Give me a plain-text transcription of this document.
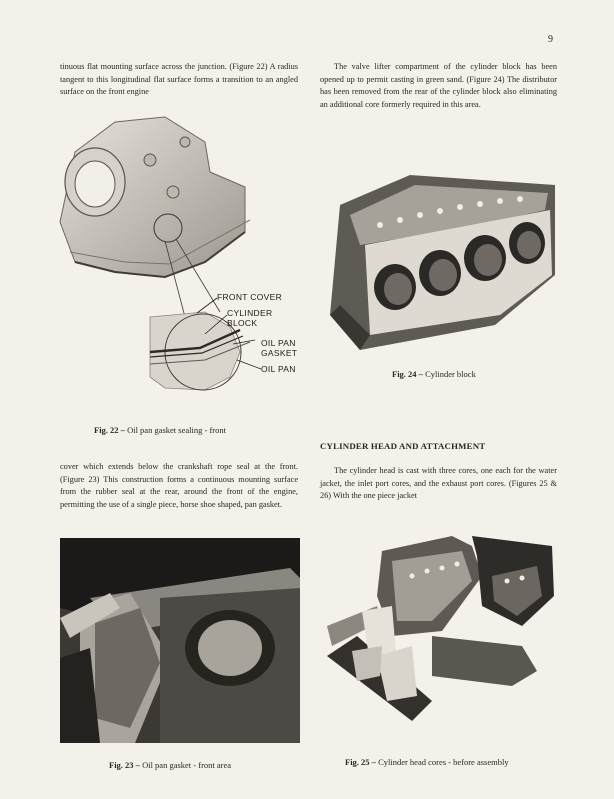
9

tinuous flat mounting surface across the junction. (Figure 22) A radius tangent to this longitudinal flat surface forms a transition to an angled surface on the front engine

The valve lifter compartment of the cylinder block has been opened up to permit casting in green sand. (Figure 24) The distributor has been removed from the rear of the cylinder block also eliminating an additional core formerly required in this area.

FRONT COVER
CYLINDER
BLOCK
OIL PAN
GASKET
OIL PAN
Fig. 22 – Oil pan gasket sealing - front
Fig. 24 – Cylinder block
CYLINDER HEAD AND ATTACHMENT

The cylinder head is cast with three cores, one each for the water jacket, the inlet port cores, and the exhaust port cores. (Figures 25 & 26) With the one piece jacket

cover which extends below the crankshaft rope seal at the front. (Figure 23) This construction forms a continuous mounting surface from the rubber seal at the rear, around the front of the engine, permitting the use of a single piece, horse shoe shaped, pan gasket.

Fig. 23 – Oil pan gasket - front area	Fig. 25 – Cylinder head cores - before assembly
